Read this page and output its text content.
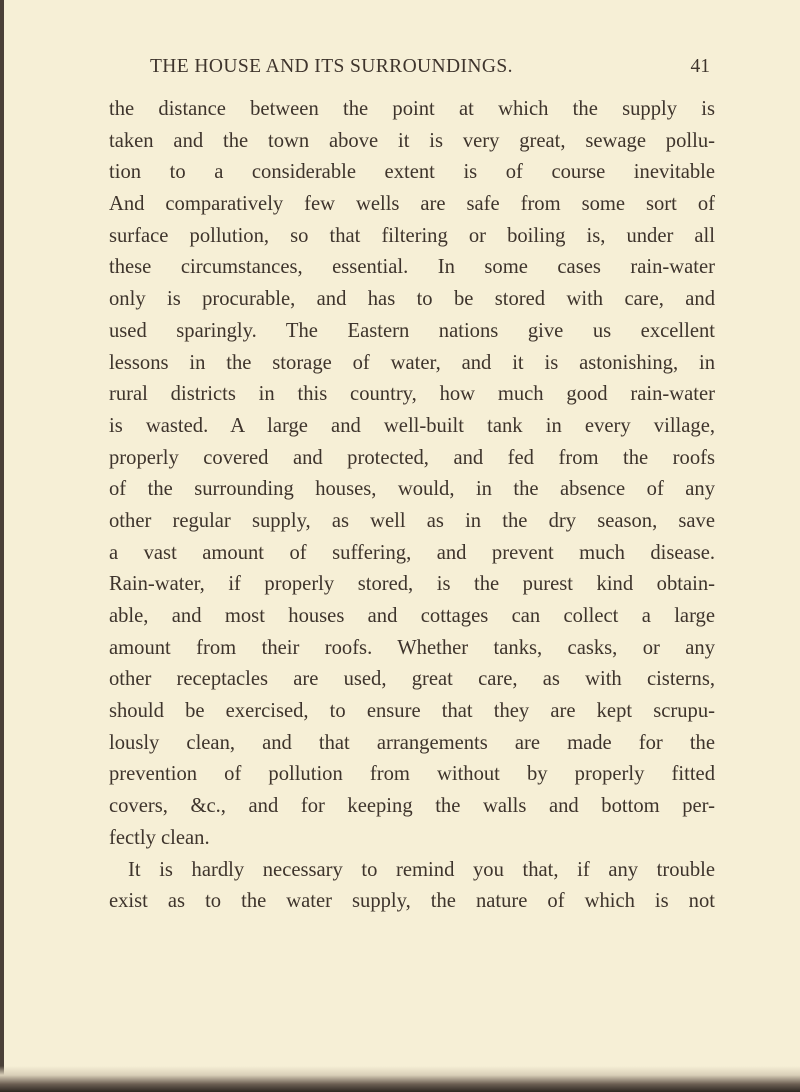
THE HOUSE AND ITS SURROUNDINGS.	41
the distance between the point at which the supply is
taken and the town above it is very great, sewage pollu-
tion to a considerable extent is of course inevitable
And comparatively few wells are safe from some sort of
surface pollution, so that filtering or boiling is, under all
these circumstances, essential. In some cases rain-water
only is procurable, and has to be stored with care, and
used sparingly. The Eastern nations give us excellent
lessons in the storage of water, and it is astonishing, in
rural districts in this country, how much good rain-water
is wasted. A large and well-built tank in every village,
properly covered and protected, and fed from the roofs
of the surrounding houses, would, in the absence of any
other regular supply, as well as in the dry season, save
a vast amount of suffering, and prevent much disease.
Rain-water, if properly stored, is the purest kind obtain-
able, and most houses and cottages can collect a large
amount from their roofs. Whether tanks, casks, or any
other receptacles are used, great care, as with cisterns,
should be exercised, to ensure that they are kept scrupu-
lously clean, and that arrangements are made for the
prevention of pollution from without by properly fitted
covers, &c., and for keeping the walls and bottom per-
fectly clean.
It is hardly necessary to remind you that, if any trouble
exist as to the water supply, the nature of which is not
